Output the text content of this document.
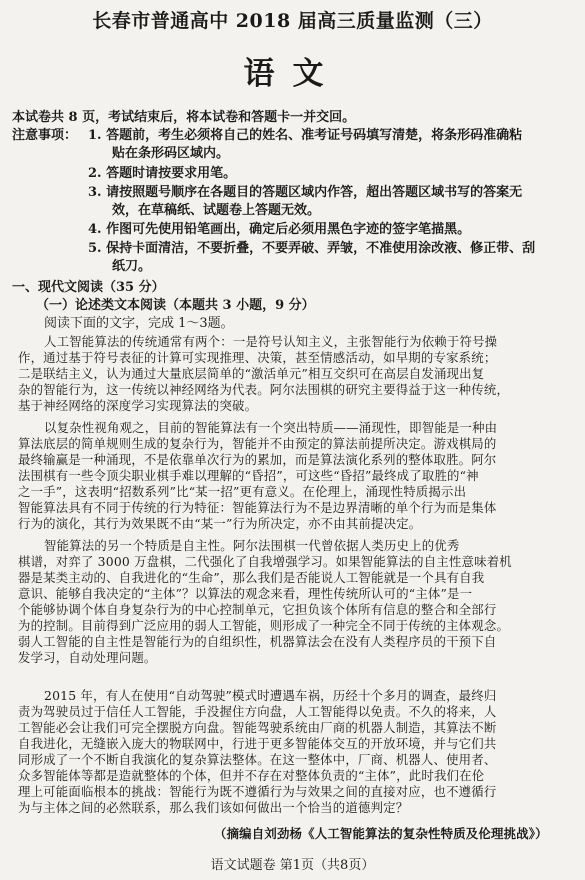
长春市普通高中 2018 届高三质量监测（三）
语文
本试卷共 8 页，考试结束后，将本试卷和答题卡一并交回。
注意事项： 1. 答题前，考生必须将自己的姓名、准考证号码填写清楚，将条形码准确粘
贴在条形码区域内。
2. 答题时请按要求用笔。
3. 请按照题号顺序在各题目的答题区域内作答，超出答题区域书写的答案无
效，在草稿纸、试题卷上答题无效。
4. 作图可先使用铅笔画出，确定后必须用黑色字迹的签字笔描黑。
5. 保持卡面清洁，不要折叠，不要弄破、弄皱，不准使用涂改液、修正带、刮
纸刀。
一、现代文阅读（35 分）
（一）论述类文本阅读（本题共 3 小题，9 分）
阅读下面的文字，完成 1～3题。
人工智能算法的传统通常有两个：一是符号认知主义，主张智能行为依赖于符号操
作，通过基于符号表征的计算可实现推理、决策，甚至情感活动，如早期的专家系统；
二是联结主义，认为通过大量底层简单的“激活单元”相互交织可在高层自发涌现出复
杂的智能行为，这一传统以神经网络为代表。阿尔法围棋的研究主要得益于这一种传统，
基于神经网络的深度学习实现算法的突破。
以复杂性视角观之，目前的智能算法有一个突出特质——涌现性，即智能是一种由
算法底层的简单规则生成的复杂行为，智能并不由预定的算法前提所决定。游戏棋局的
最终输赢是一种涌现，不是依靠单次行为的累加，而是算法演化系列的整体取胜。阿尔
法围棋有一些令顶尖职业棋手难以理解的“昏招”，可这些“昏招”最终成了取胜的“神
之一手”，这表明“招数系列”比“某一招”更有意义。在伦理上，涌现性特质揭示出
智能算法具有不同于传统的行为特征：智能算法行为不是边界清晰的单个行为而是集体
行为的演化，其行为效果既不由“某一”行为所决定，亦不由其前提决定。
智能算法的另一个特质是自主性。阿尔法围棋一代曾依据人类历史上的优秀
棋谱，对弈了 3000 万盘棋，二代强化了自我增强学习。如果智能算法的自主性意味着机
器是某类主动的、自我进化的“生命”，那么我们是否能说人工智能就是一个具有自我
意识、能够自我决定的“主体”？以算法的观念来看，理性传统所认可的“主体”是一
个能够协调个体自身复杂行为的中心控制单元，它担负该个体所有信息的整合和全部行
为的控制。目前得到广泛应用的弱人工智能，则形成了一种完全不同于传统的主体观念。
弱人工智能的自主性是智能行为的自组织性，机器算法会在没有人类程序员的干预下自
发学习，自动处理问题。
2015 年，有人在使用“自动驾驶”模式时遭遇车祸，历经十个多月的调查，最终归
责为驾驶员过于信任人工智能，手没握住方向盘，人工智能得以免责。不久的将来，人
工智能必会让我们可完全摆脱方向盘。智能驾驶系统由厂商的机器人制造，其算法不断
自我进化，无缝嵌入庞大的物联网中，行进于更多智能体交互的开放环境，并与它们共
同形成了一个不断自我演化的复杂算法整体。在这一整体中，厂商、机器人、使用者、
众多智能体等都是造就整体的个体，但并不存在对整体负责的“主体”，此时我们在伦
理上可能面临根本的挑战：智能行为既不遵循行为与效果之间的直接对应，也不遵循行
为与主体之间的必然联系，那么我们该如何做出一个恰当的道德判定？
（摘编自刘劲杨《人工智能算法的复杂性特质及伦理挑战》）
语文试题卷 第1页（共8页）
